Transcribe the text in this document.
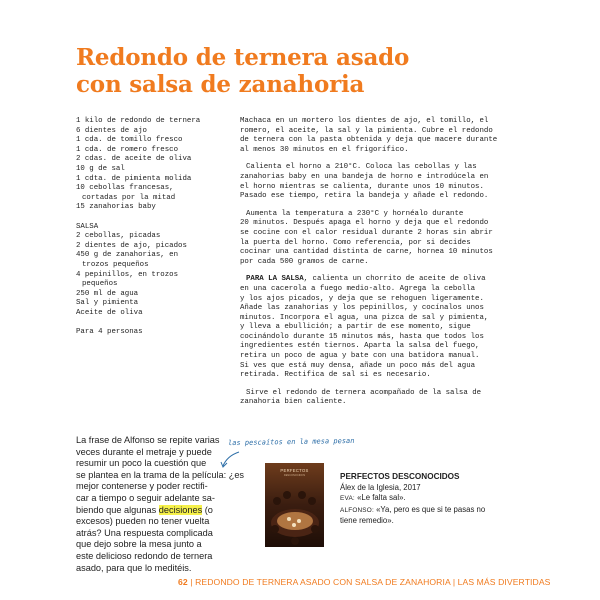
Redondo de ternera asado
con salsa de zanahoria
1 kilo de redondo de ternera
6 dientes de ajo
1 cda. de tomillo fresco
1 cda. de romero fresco
2 cdas. de aceite de oliva
10 g de sal
1 cdta. de pimienta molida
10 cebollas francesas,
cortadas por la mitad
15 zanahorias baby
SALSA
2 cebollas, picadas
2 dientes de ajo, picados
450 g de zanahorias, en
trozos pequeños
4 pepinillos, en trozos
pequeños
250 ml de agua
Sal y pimienta
Aceite de oliva
Para 4 personas

Machaca en un mortero los dientes de ajo, el tomillo, el
romero, el aceite, la sal y la pimienta. Cubre el redondo
de ternera con la pasta obtenida y deja que macere durante
al menos 30 minutos en el frigorífico.

Calienta el horno a 210°C. Coloca las cebollas y las
zanahorias baby en una bandeja de horno e introdúcela en
el horno mientras se calienta, durante unos 10 minutos.
Pasado ese tiempo, retira la bandeja y añade el redondo.

Aumenta la temperatura a 230°C y hornéalo durante
20 minutos. Después apaga el horno y deja que el redondo
se cocine con el calor residual durante 2 horas sin abrir
la puerta del horno. Como referencia, por si decides
cocinar una cantidad distinta de carne, hornea 10 minutos
por cada 500 gramos de carne.

PARA LA SALSA, calienta un chorrito de aceite de oliva
en una cacerola a fuego medio-alto. Agrega la cebolla
y los ajos picados, y deja que se rehoguen ligeramente.
Añade las zanahorias y los pepinillos, y cocínalos unos
minutos. Incorpora el agua, una pizca de sal y pimienta,
y lleva a ebullición; a partir de ese momento, sigue
cocinándolo durante 15 minutos más, hasta que todos los
ingredientes estén tiernos. Aparta la salsa del fuego,
retira un poco de agua y bate con una batidora manual.
Si ves que está muy densa, añade un poco más del agua
retirada. Rectifica de sal si es necesario.

Sirve el redondo de ternera acompañado de la salsa de
zanahoria bien caliente.

La frase de Alfonso se repite varias
veces durante el metraje y puede
resumir un poco la cuestión que
se plantea en la trama de la película: ¿es
mejor contenerse y poder rectifi-
car a tiempo o seguir adelante sa-
biendo que algunas decisiones (o
excesos) pueden no tener vuelta
atrás? Una respuesta complicada
que dejo sobre la mesa junto a
este delicioso redondo de ternera
asado, para que lo meditéis.
las pescaítos en la mesa pesan
PERFECTOS
DESCONOCIDOS	PERFECTOS DESCONOCIDOS
Álex de la Iglesia, 2017
EVA: «Le falta sal».
ALFONSO: «Ya, pero es que si te pasas no
tiene remedio».
62 | REDONDO DE TERNERA ASADO CON SALSA DE ZANAHORIA | LAS MÁS DIVERTIDAS
